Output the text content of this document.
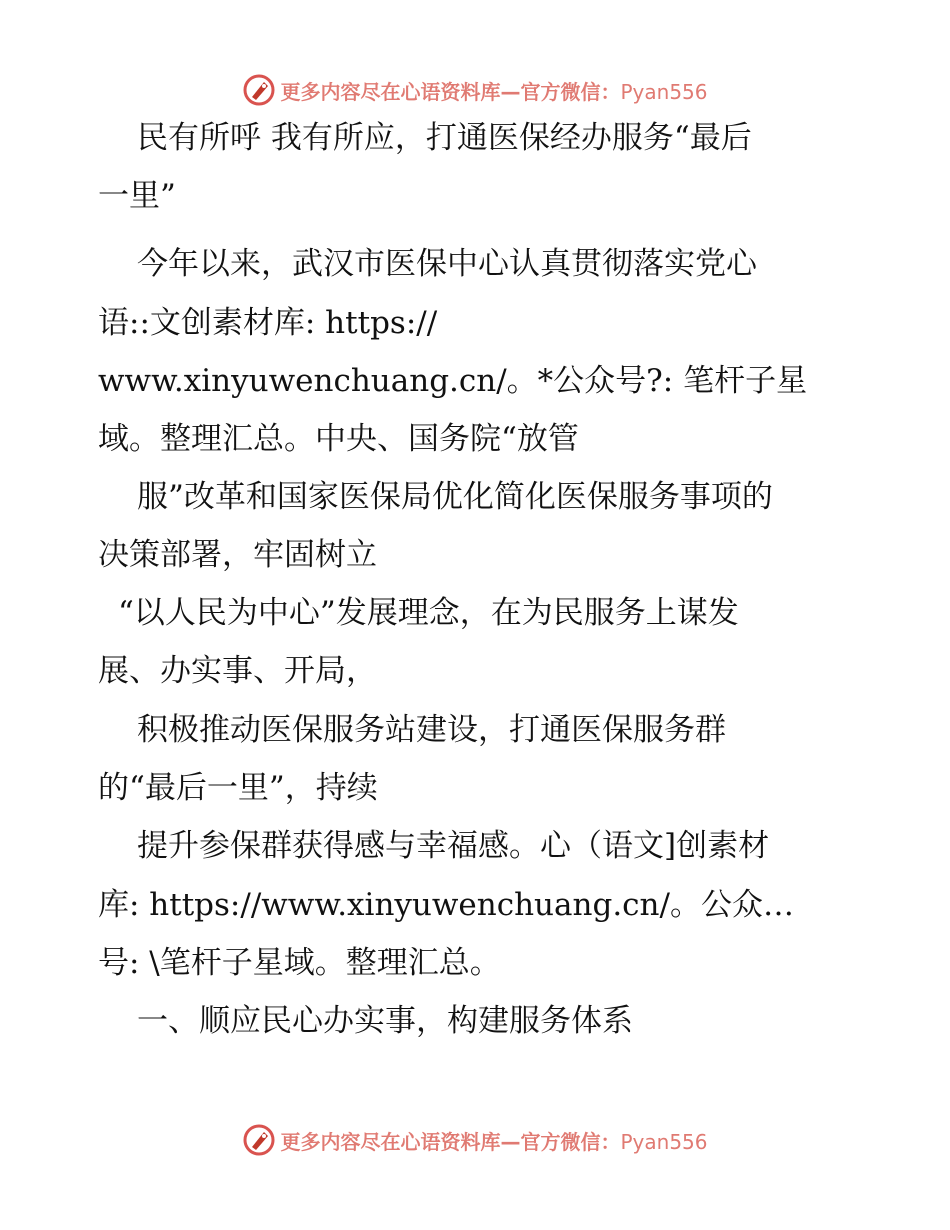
更多内容尽在心语资料库—官方微信：Pyan556
民有所呼 我有所应，打通医保经办服务“最后
一里”
今年以来，武汉市医保中心认真贯彻落实党心
语::文创素材库: https://
www.xinyuwenchuang.cn/。*公众号?: 笔杆子星
域。整理汇总。中央、国务院“放管
服”改革和国家医保局优化简化医保服务事项的
决策部署，牢固树立
“以人民为中心”发展理念，在为民服务上谋发
展、办实事、开局，
积极推动医保服务站建设，打通医保服务群
的“最后一里”，持续
提升参保群获得感与幸福感。心（语文]创素材
库: https://www.xinyuwenchuang.cn/。公众…
号: \笔杆子星域。整理汇总。
一、顺应民心办实事，构建服务体系
更多内容尽在心语资料库—官方微信：Pyan556
